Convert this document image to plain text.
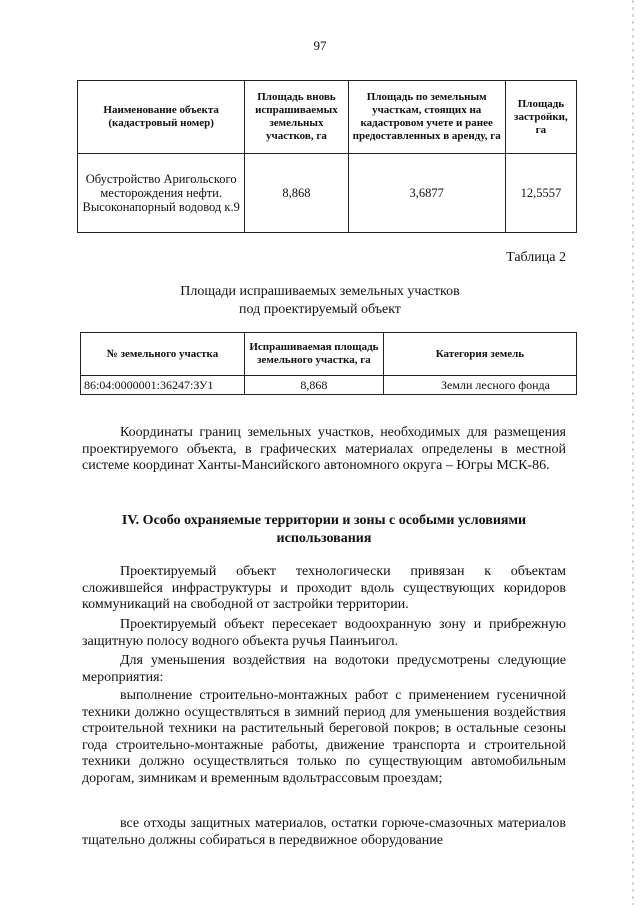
97
Наименование объекта (кадастровый номер)	Площадь вновь испрашиваемых земельных участков, га	Площадь по земельным участкам, стоящих на кадастровом учете и ранее предоставленных в аренду, га	Площадь застройки, га
Обустройство Аригольского месторождения нефти. Высоконапорный водовод к.9	8,868	3,6877	12,5557
Таблица 2
Площади испрашиваемых земельных участков
под проектируемый объект
№ земельного участка	Испрашиваемая площадь земельного участка, га	Категория земель
86:04:0000001:36247:ЗУ1	8,868	Земли лесного фонда

Координаты границ земельных участков, необходимых для размещения проектируемого объекта, в графических материалах определены в местной системе координат Ханты-Мансийского автономного округа – Югры МСК-86.

IV. Особо охраняемые территории и зоны с особыми условиями использования

Проектируемый объект технологически привязан к объектам сложившейся инфраструктуры и проходит вдоль существующих коридоров коммуникаций на свободной от застройки территории.

Проектируемый объект пересекает водоохранную зону и прибрежную защитную полосу водного объекта ручья Паинъигол.

Для уменьшения воздействия на водотоки предусмотрены следующие мероприятия:

выполнение строительно-монтажных работ с применением гусеничной техники должно осуществляться в зимний период для уменьшения воздействия строительной техники на растительный береговой покров; в остальные сезоны года строительно-монтажные работы, движение транспорта и строительной техники должно осуществляться только по существующим автомобильным дорогам, зимникам и временным вдольтрассовым проездам;

все отходы защитных материалов, остатки горюче-смазочных материалов тщательно должны собираться в передвижное оборудование
